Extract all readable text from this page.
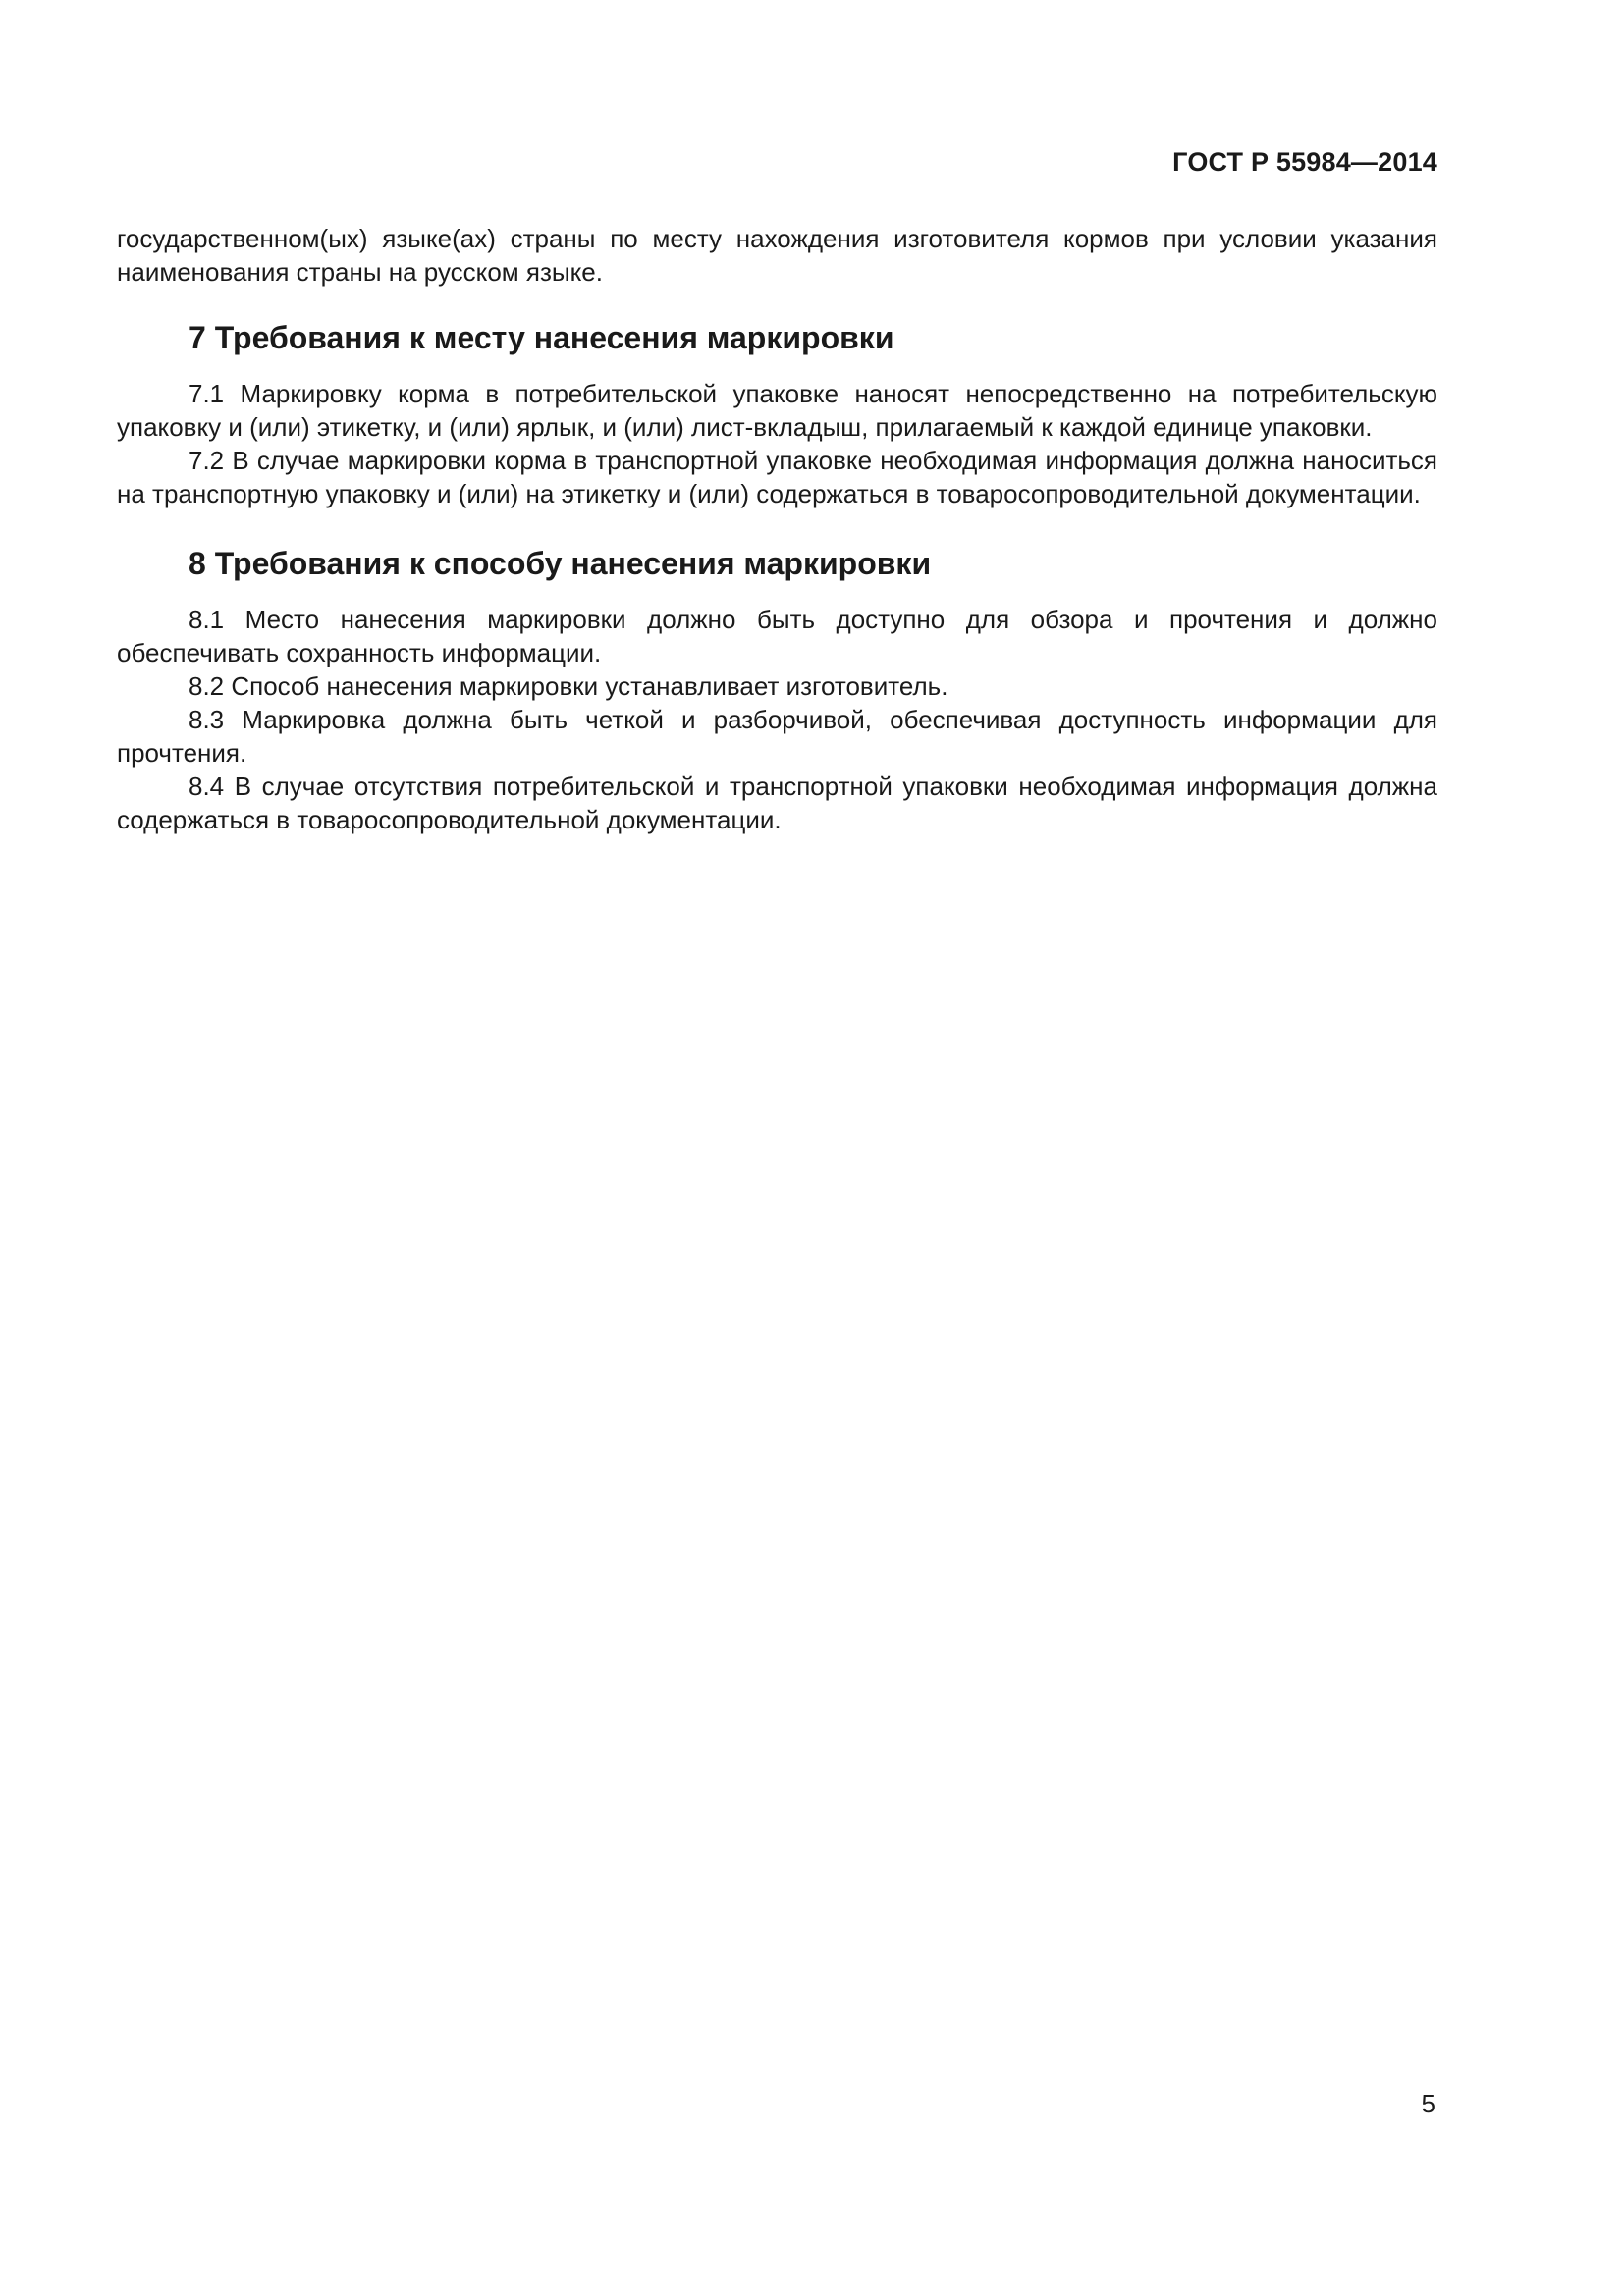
ГОСТ Р 55984—2014

государственном(ых) языке(ах) страны по месту нахождения изготовителя кормов при условии указания наименования страны на русском языке.

7 Требования к месту нанесения маркировки

7.1 Маркировку корма в потребительской упаковке наносят непосредственно на потребительскую упаковку и (или) этикетку, и (или) ярлык, и (или) лист-вкладыш, прилагаемый к каждой единице упаковки.

7.2 В случае маркировки корма в транспортной упаковке необходимая информация должна наноситься на транспортную упаковку и (или) на этикетку и (или) содержаться в товаросопроводительной документации.

8 Требования к способу нанесения маркировки

8.1 Место нанесения маркировки должно быть доступно для обзора и прочтения и должно обеспечивать сохранность информации.

8.2 Способ нанесения маркировки устанавливает изготовитель.

8.3 Маркировка должна быть четкой и разборчивой, обеспечивая доступность информации для прочтения.

8.4 В случае отсутствия потребительской и транспортной упаковки необходимая информация должна содержаться в товаросопроводительной документации.

5
